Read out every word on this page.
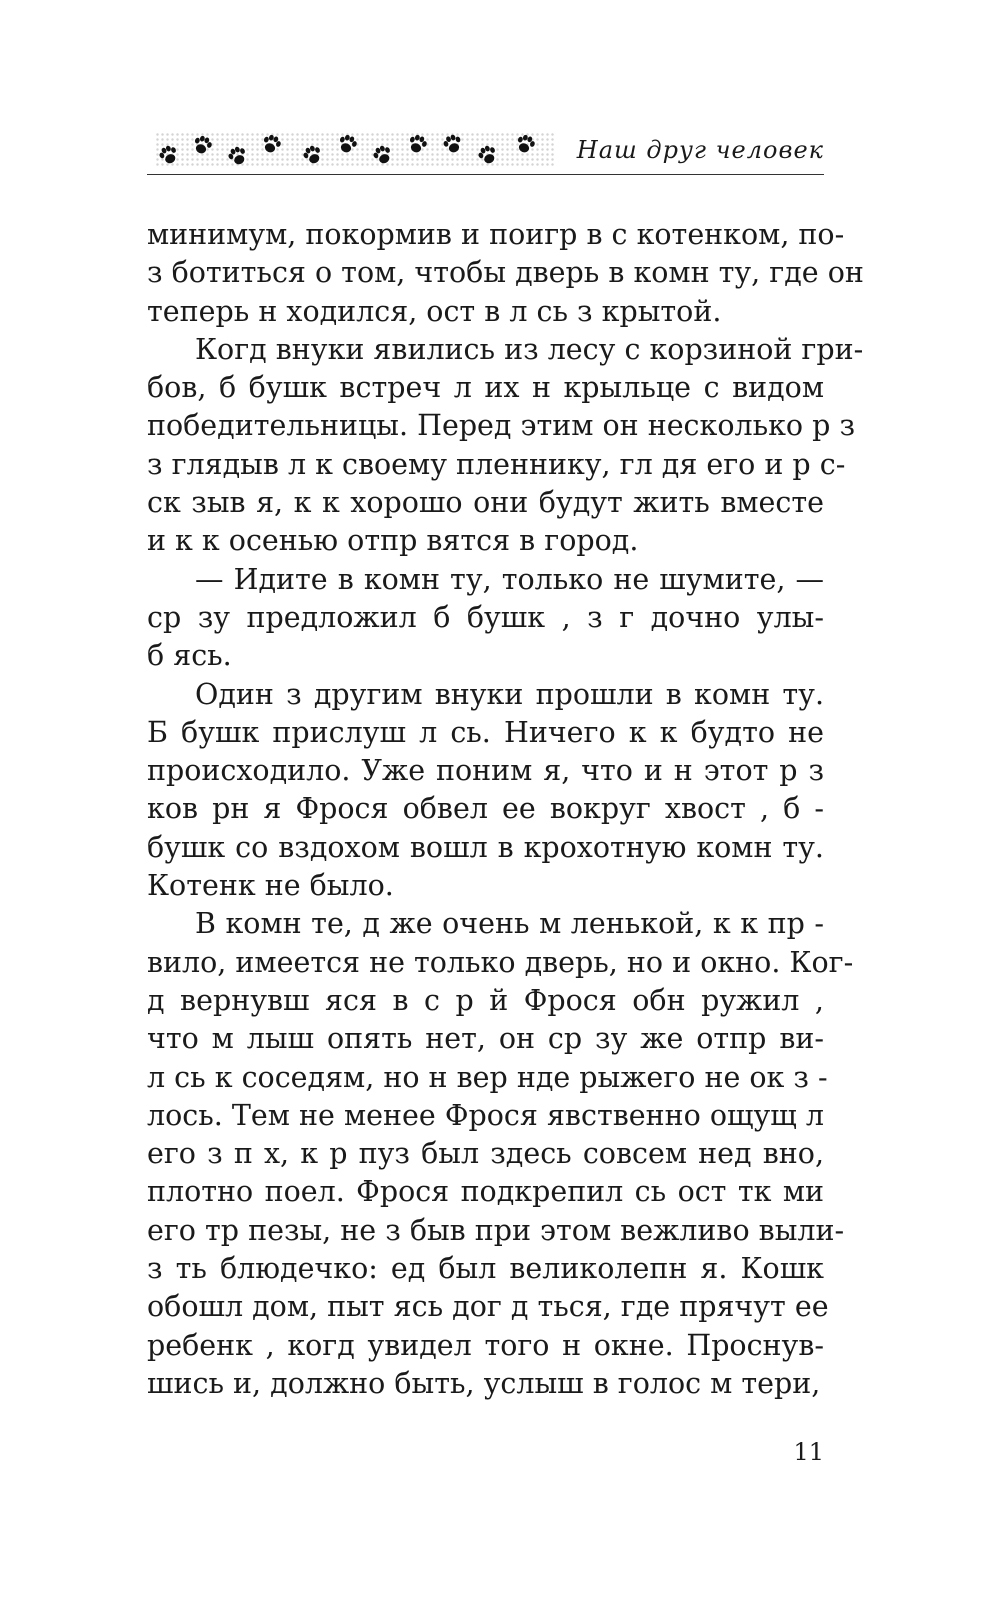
Наш друг человек
минимум, покормив и поигр в с котенком, по-
з ботиться о том, чтобы дверь в комн ту, где он
теперь н ходился, ост в л сь з крытой.
Когд внуки явились из лесу с корзиной гри-
бов, б бушк встреч л их н крыльце с видом
победительницы. Перед этим он несколько р з
з глядыв л к своему пленнику, гл дя его и р с-
ск зыв я, к к хорошо они будут жить вместе
и к к осенью отпр вятся в город.
— Идите в комн ту, только не шумите, —
ср зу предложил б бушк , з г дочно улы-
б ясь.
Один з другим внуки прошли в комн ту.
Б бушк прислуш л сь. Ничего к к будто не
происходило. Уже поним я, что и н этот р з
ков рн я Фрося обвел ее вокруг хвост , б -
бушк со вздохом вошл в крохотную комн ту.
Котенк не было.
В комн те, д же очень м ленькой, к к пр -
вило, имеется не только дверь, но и окно. Ког-
д вернувш яся в с р й Фрося обн ружил ,
что м лыш опять нет, он ср зу же отпр ви-
л сь к соседям, но н вер нде рыжего не ок з -
лось. Тем не менее Фрося явственно ощущ л
его з п х, к р пуз был здесь совсем нед вно,
плотно поел. Фрося подкрепил сь ост тк ми
его тр пезы, не з быв при этом вежливо выли-
з ть блюдечко: ед был великолепн я. Кошк
обошл дом, пыт ясь дог д ться, где прячут ее
ребенк , когд увидел того н окне. Проснув-
шись и, должно быть, услыш в голос м тери,
11
